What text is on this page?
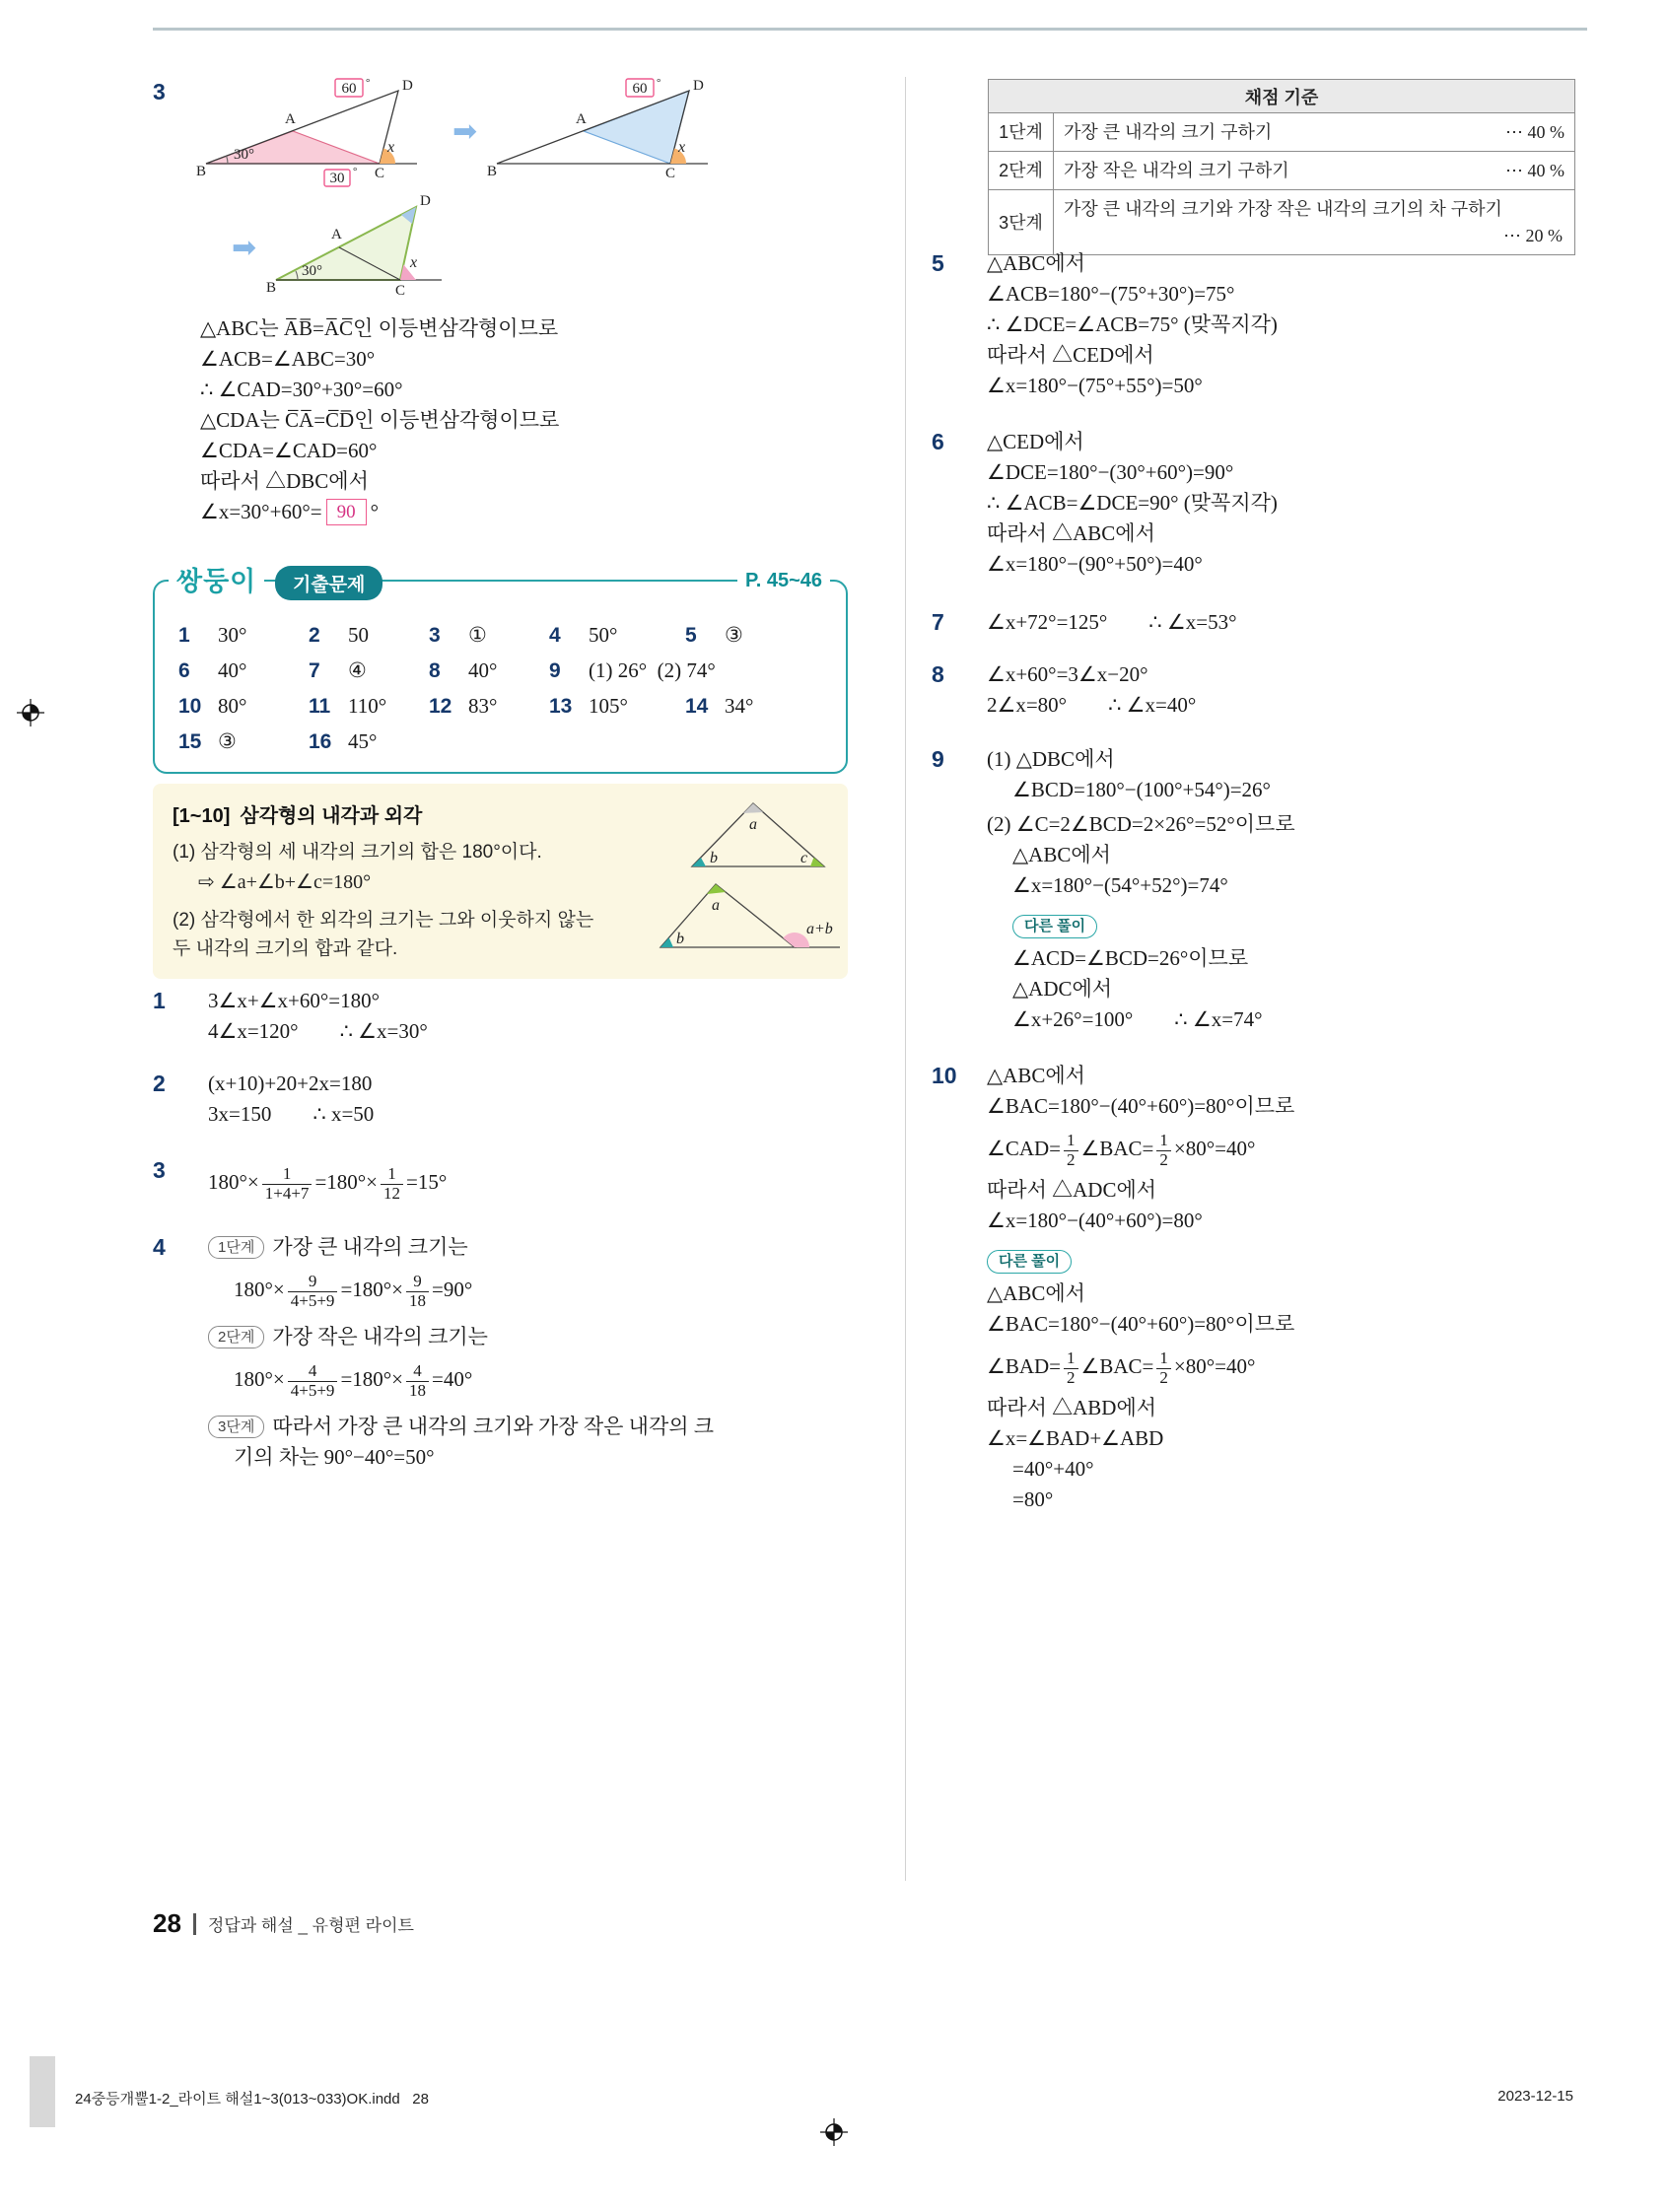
3	60 ° D
A
B	C
30°	x
30 °
➡
60 ° D
A
B	C
x
➡
D
A
B
30°
C
x
△ABC는 A̅B̅=A̅C̅인 이등변삼각형이므로
∠ACB=∠ABC=30°
∴ ∠CAD=30°+30°=60°
△CDA는 C̅A̅=C̅D̅인 이등변삼각형이므로
∠CDA=∠CAD=60°
따라서 △DBC에서
∠x=30°+60°= 90 °
쌍둥이	기출문제	P. 45~46
1	30°	2	50	3	①	4	50°	5	③
6	40°	7	④	8	40°	9	(1) 26° (2) 74°
10 80°	11 110° 12 83°	13 105°	14 34°
15 ③	16 45°
[1~10] 삼각형의 내각과 외각
(1) 삼각형의 세 내각의 크기의 합은 180°이다.
⇨ ∠a+∠b+∠c=180°
(2) 삼각형에서 한 외각의 크기는 그와 이웃하지 않는 두 내각의 크기의 합과 같다.
a
b	c
a
b
a+b
1	3∠x+∠x+60°=180°
4∠x=120°  ∴ ∠x=30°
2	(x+10)+20+2x=180
3x=150  ∴ x=50
3	$180^\circ\times \frac{1}{1+4+7} =180^\circ\times \frac{1}{12} =15^\circ$
4	1단계 가장 큰 내각의 크기는
$180^\circ\times \frac{9}{4+5+9} =180^\circ\times \frac{9}{18} =90^\circ$
2단계 가장 작은 내각의 크기는
$180^\circ\times \frac{4}{4+5+9} =180^\circ\times \frac{4}{18} =40^\circ$
3단계 따라서 가장 큰 내각의 크기와 가장 작은 내각의 크
기의 차는 90°−40°=50°
채점 기준	
1단계	가장 큰 내각의 크기 구하기 ⋯ 40 %

2단계	가장 작은 내각의 크기 구하기 ⋯ 40 %

3단계	가장 큰 내각의 크기와 가장 작은 내각의 크기의 차 구하기
⋯ 20 %
5	△ABC에서
∠ACB=180°−(75°+30°)=75°
∴ ∠DCE=∠ACB=75° (맞꼭지각)
따라서 △CED에서
∠x=180°−(75°+55°)=50°
6	△CED에서
∠DCE=180°−(30°+60°)=90°
∴ ∠ACB=∠DCE=90° (맞꼭지각)
따라서 △ABC에서
∠x=180°−(90°+50°)=40°
7	∠x+72°=125°  ∴ ∠x=53°
8	∠x+60°=3∠x−20°
2∠x=80°  ∴ ∠x=40°
9	(1) △DBC에서
∠BCD=180°−(100°+54°)=26°
(2) ∠C=2∠BCD=2×26°=52°이므로
△ABC에서
∠x=180°−(54°+52°)=74°
다른 풀이
∠ACD=∠BCD=26°이므로
△ADC에서
∠x+26°=100°  ∴ ∠x=74°
10	△ABC에서
∠BAC=180°−(40°+60°)=80°이므로
∠CAD= $\frac{1}{2}$ ∠BAC= $\frac{1}{2} \times 80^\circ=40^\circ$
따라서 △ADC에서
∠x=180°−(40°+60°)=80°
다른 풀이
△ABC에서
∠BAC=180°−(40°+60°)=80°이므로
∠BAD= $\frac{1}{2}$ ∠BAC= $\frac{1}{2} \times 80^\circ=40^\circ$
따라서 △ABD에서
∠x=∠BAD+∠ABD
=40°+40°
=80°
28 정답과 해설 _ 유형편 라이트
24중등개뿔1-2_라이트 해설1~3(013~033)OK.indd   28	2023-12-15
